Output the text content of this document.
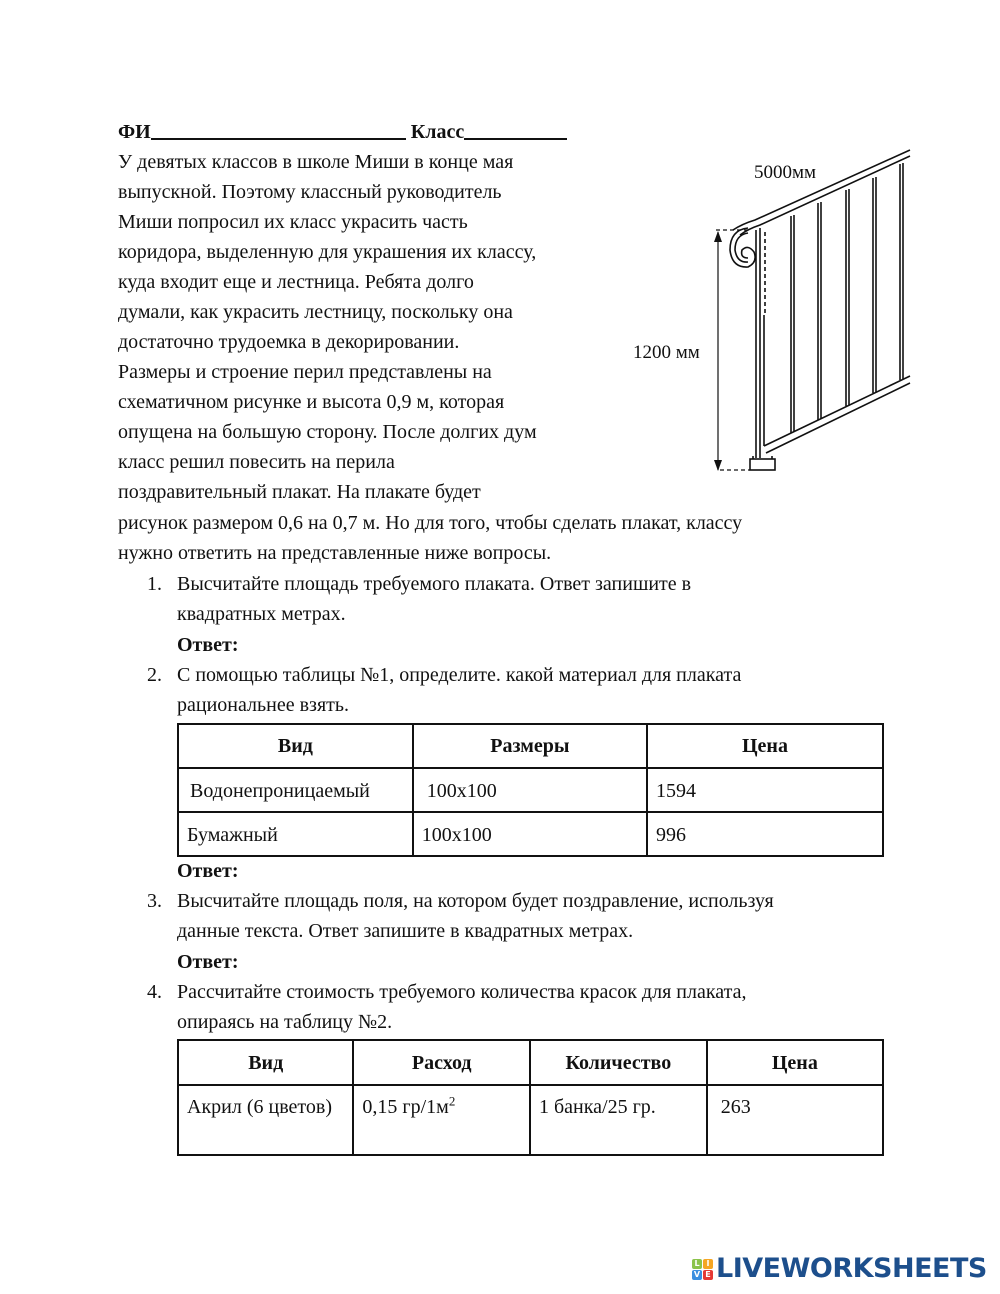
ФИ	Класс
У девятых классов в школе Миши в конце мая
выпускной. Поэтому классный руководитель
Миши попросил их класс украсить часть
коридора, выделенную для украшения их классу,
куда входит еще и лестница. Ребята долго
думали, как украсить лестницу, поскольку она
достаточно трудоемка в декорировании.
Размеры и строение перил представлены на
схематичном рисунке и высота 0,9 м, которая
опущена на большую сторону. После долгих дум
класс решил повесить на перила
поздравительный плакат. На плакате будет
рисунок размером 0,6 на 0,7 м. Но для того, чтобы сделать плакат, классу
нужно ответить на представленные ниже вопросы.
5000мм
1200 мм
1. Высчитайте площадь требуемого плаката. Ответ запишите в
квадратных метрах.
Ответ:
2. С помощью таблицы №1, определите. какой материал для плаката
рациональнее взять.
Вид	Размеры	Цена
Водонепроницаемый	100x100	1594
Бумажный	100x100	996
Ответ:
3. Высчитайте площадь поля, на котором будет поздравление, используя
данные текста. Ответ запишите в квадратных метрах.
Ответ:
4. Рассчитайте стоимость требуемого количества красок для плаката,
опираясь на таблицу №2.
Вид	Расход	Количество	Цена
Акрил (6 цветов)	0,15 $гр/1м^2$	1 банка/25 гр.	263
L I
V E LIVEWORKSHEETS
